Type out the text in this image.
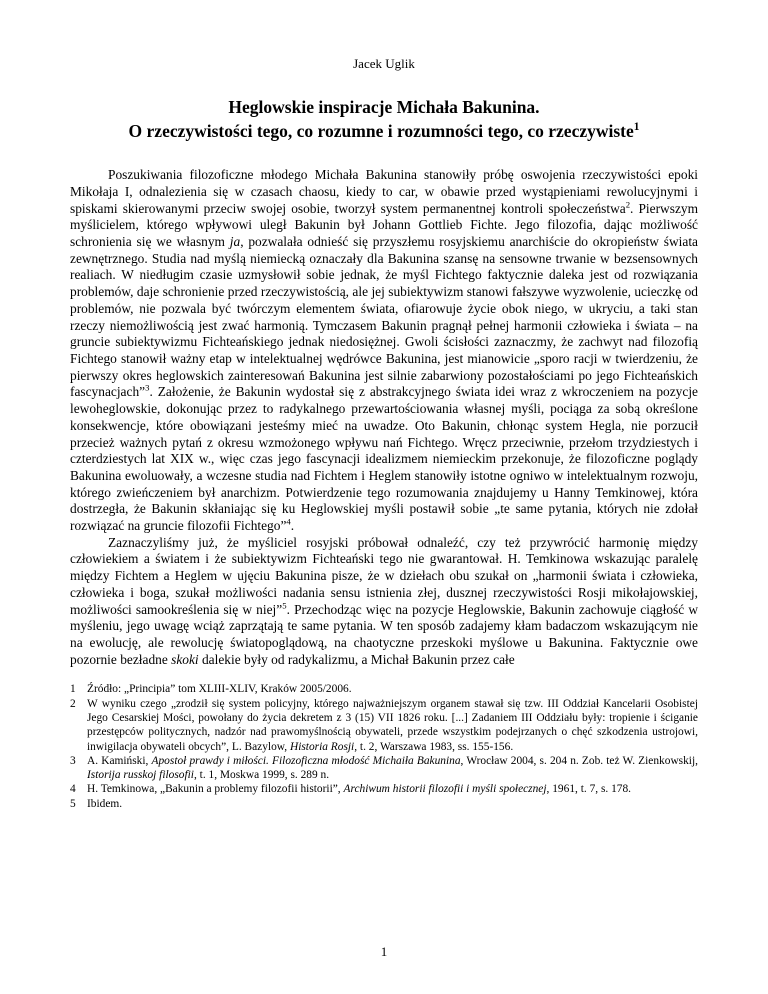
Jacek Uglik
Heglowskie inspiracje Michała Bakunina.
O rzeczywistości tego, co rozumne i rozumności tego, co rzeczywiste$^1$

Poszukiwania filozoficzne młodego Michała Bakunina stanowiły próbę oswojenia rzeczywistości epoki Mikołaja I, odnalezienia się w czasach chaosu, kiedy to car, w obawie przed wystąpieniami rewolucyjnymi i spiskami skierowanymi przeciw swojej osobie, tworzył system permanentnej kontroli społeczeństwa$^2$. Pierwszym myślicielem, którego wpływowi uległ Bakunin był Johann Gottlieb Fichte. Jego filozofia, dając możliwość schronienia się we własnym ja, pozwalała odnieść się przyszłemu rosyjskiemu anarchiście do okropieństw świata zewnętrznego. Studia nad myślą niemiecką oznaczały dla Bakunina szansę na sensowne trwanie w bezsensownych realiach. W niedługim czasie uzmysłowił sobie jednak, że myśl Fichtego faktycznie daleka jest od rozwiązania problemów, daje schronienie przed rzeczywistością, ale jej subiektywizm stanowi fałszywe wyzwolenie, ucieczkę od problemów, nie pozwala być twórczym elementem świata, ofiarowuje życie obok niego, w ukryciu, a taki stan rzeczy niemożliwością jest zwać harmonią. Tymczasem Bakunin pragnął pełnej harmonii człowieka i świata – na gruncie subiektywizmu Fichteańskiego jednak niedosiężnej. Gwoli ścisłości zaznaczmy, że zachwyt nad filozofią Fichtego stanowił ważny etap w intelektualnej wędrówce Bakunina, jest mianowicie „sporo racji w twierdzeniu, że pierwszy okres heglowskich zainteresowań Bakunina jest silnie zabarwiony pozostałościami po jego Fichteańskich fascynacjach”$^3$. Założenie, że Bakunin wydostał się z abstrakcyjnego świata idei wraz z wkroczeniem na pozycje lewoheglowskie, dokonując przez to radykalnego przewartościowania własnej myśli, pociąga za sobą określone konsekwencje, które obowiązani jesteśmy mieć na uwadze. Oto Bakunin, chłonąc system Hegla, nie porzucił przecież ważnych pytań z okresu wzmożonego wpływu nań Fichtego. Wręcz przeciwnie, przełom trzydziestych i czterdziestych lat XIX w., więc czas jego fascynacji idealizmem niemieckim przekonuje, że filozoficzne poglądy Bakunina ewoluowały, a wczesne studia nad Fichtem i Heglem stanowiły istotne ogniwo w intelektualnym rozwoju, którego zwieńczeniem był anarchizm. Potwierdzenie tego rozumowania znajdujemy u Hanny Temkinowej, która dostrzegła, że Bakunin skłaniając się ku Heglowskiej myśli postawił sobie „te same pytania, których nie zdołał rozwiązać na gruncie filozofii Fichtego”$^4$.

Zaznaczyliśmy już, że myśliciel rosyjski próbował odnaleźć, czy też przywrócić harmonię między człowiekiem a światem i że subiektywizm Fichteański tego nie gwarantował. H. Temkinowa wskazując paralelę między Fichtem a Heglem w ujęciu Bakunina pisze, że w dziełach obu szukał on „harmonii świata i człowieka, człowieka i boga, szukał możliwości nadania sensu istnienia złej, dusznej rzeczywistości Rosji mikołajowskiej, możliwości samookreślenia się w niej”$^5$. Przechodząc więc na pozycje Heglowskie, Bakunin zachowuje ciągłość w myśleniu, jego uwagę wciąż zaprzątają te same pytania. W ten sposób zadajemy kłam badaczom wskazującym nie na ewolucję, ale rewolucję światopoglądową, na chaotyczne przeskoki myślowe u Bakunina. Faktycznie owe pozornie bezładne skoki dalekie były od radykalizmu, a Michał Bakunin przez całe

1 Źródło: „Principia” tom XLIII-XLIV, Kraków 2005/2006.
2 W wyniku czego „zrodził się system policyjny, którego najważniejszym organem stawał się tzw. III Oddział Kancelarii Osobistej Jego Cesarskiej Mości, powołany do życia dekretem z 3 (15) VII 1826 roku. [...] Zadaniem III Oddziału były: tropienie i ściganie przestępców politycznych, nadzór nad prawomyślnością obywateli, przede wszystkim podejrzanych o chęć szkodzenia ustrojowi, inwigilacja obywateli obcych”, L. Bazylow, Historia Rosji, t. 2, Warszawa 1983, ss. 155-156.
3 A. Kamiński, Apostoł prawdy i miłości. Filozoficzna młodość Michaiła Bakunina, Wrocław 2004, s. 204 n. Zob. też W. Zienkowskij, Istorija russkoj filosofii, t. 1, Moskwa 1999, s. 289 n.
4 H. Temkinowa, „Bakunin a problemy filozofii historii”, Archiwum historii filozofii i myśli społecznej, 1961, t. 7, s. 178.
5 Ibidem.
1
